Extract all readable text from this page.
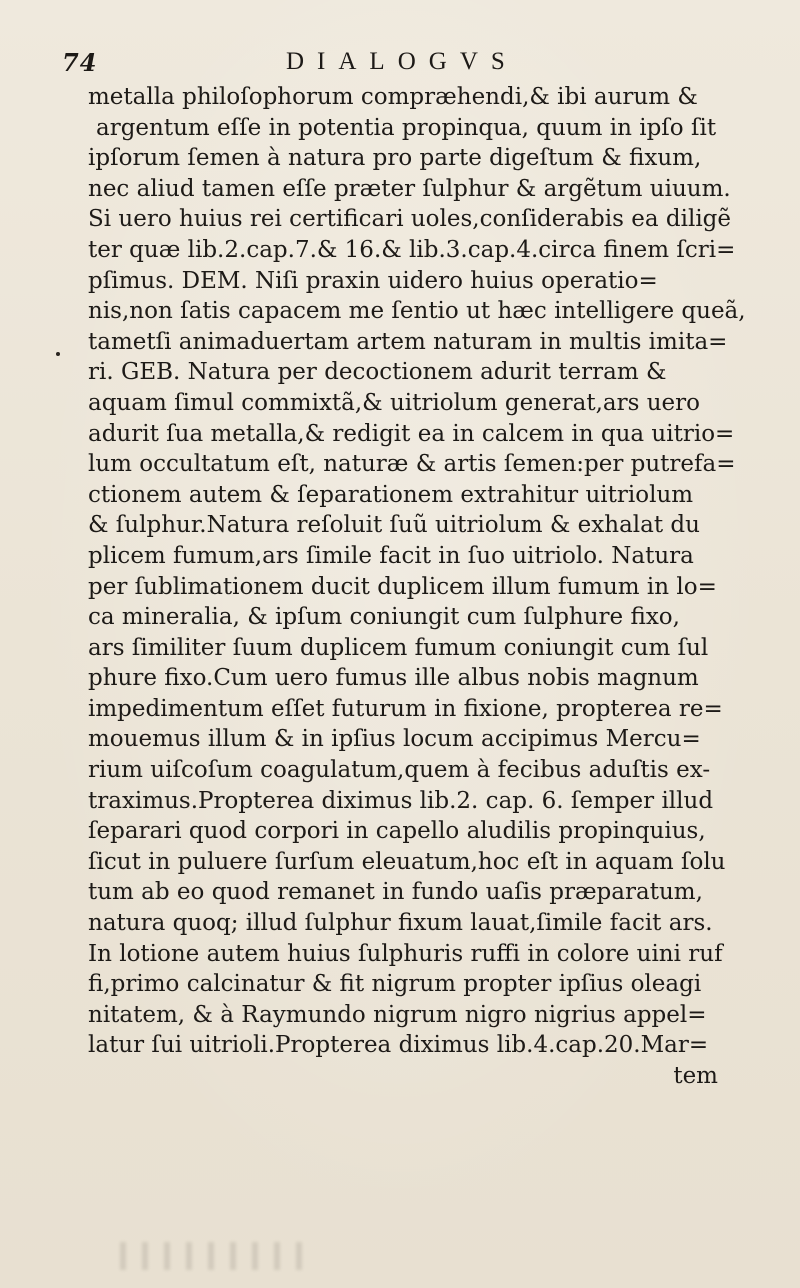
74	DIALOGVS
metalla philoſophorum compræhendi,& ibi aurum &
argentum eſſe in potentia propinqua, quum in ipſo ſit
ipſorum ſemen à natura pro parte digeſtum & fixum,
nec aliud tamen eſſe præter ſulphur & argẽtum uiuum.
Si uero huius rei certificari uoles,conſiderabis ea diligẽ
ter quæ lib.2.cap.7.& 16.& lib.3.cap.4.circa finem ſcri=
pſimus. DEM. Niſi praxin uidero huius operatio=
nis,non ſatis capacem me ſentio ut hæc intelligere queã,
tametſi animaduertam artem naturam in multis imita=
ri. GEB. Natura per decoctionem adurit terram &
aquam ſimul commixtã,& uitriolum generat,ars uero
adurit ſua metalla,& redigit ea in calcem in qua uitrio=
lum occultatum eſt, naturæ & artis ſemen:per putrefa=
ctionem autem & ſeparationem extrahitur uitriolum
& ſulphur.Natura reſoluit ſuũ uitriolum & exhalat du
plicem fumum,ars ſimile facit in ſuo uitriolo. Natura
per ſublimationem ducit duplicem illum fumum in lo=
ca mineralia, & ipſum coniungit cum ſulphure fixo,
ars ſimiliter ſuum duplicem fumum coniungit cum ſul
phure fixo.Cum uero fumus ille albus nobis magnum
impedimentum eſſet futurum in fixione, propterea re=
mouemus illum & in ipſius locum accipimus Mercu=
rium uiſcoſum coagulatum,quem à fecibus aduſtis ex-
traximus.Propterea diximus lib.2. cap. 6. ſemper illud
ſeparari quod corpori in capello aludilis propinquius,
ſicut in puluere ſurſum eleuatum,hoc eſt in aquam ſolu
tum ab eo quod remanet in fundo uaſis præparatum,
natura quoq; illud ſulphur fixum lauat,ſimile facit ars.
In lotione autem huius ſulphuris ruffi in colore uini ruf
fi,primo calcinatur & fit nigrum propter ipſius oleagi
nitatem, & à Raymundo nigrum nigro nigrius appel=
latur ſui uitrioli.Propterea diximus lib.4.cap.20.Mar=
tem
